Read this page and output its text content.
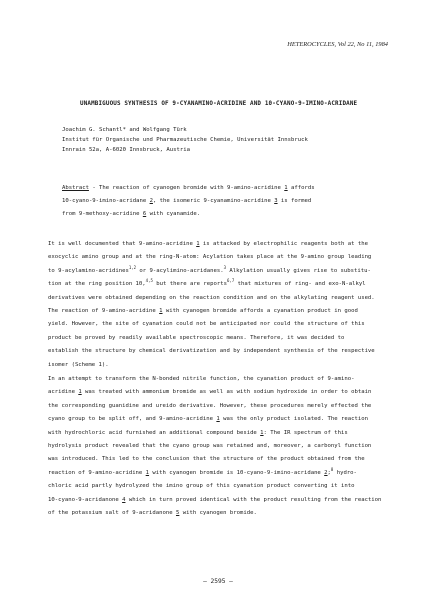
HETEROCYCLES, Vol 22, No 11, 1984
UNAMBIGUOUS SYNTHESIS OF 9-CYANAMINO-ACRIDINE AND 10-CYANO-9-IMINO-ACRIDANE
Joachim G. Schantl* and Wolfgang Türk
Institut für Organische und Pharmazeutische Chemie, Universität Innsbruck
Innrain 52a, A-6020 Innsbruck, Austria
Abstract - The reaction of cyanogen bromide with 9-amino-acridine 1 affords
10-cyano-9-imino-acridane 2, the isomeric 9-cyanamino-acridine 3 is formed
from 9-methoxy-acridine 6 with cyanamide.
It is well documented that 9-amino-acridine 1 is attacked by electrophilic reagents both at the
exocyclic amino group and at the ring-N-atom: Acylation takes place at the 9-amino group leading
to 9-acylamino-acridines$^{1,2}$ or 9-acylimino-acridanes.$^3$ Alkylation usually gives rise to substitu-
tion at the ring position 10,$^{4,5}$ but there are reports$^{6,7}$ that mixtures of ring- and exo-N-alkyl
derivatives were obtained depending on the reaction condition and on the alkylating reagent used.
The reaction of 9-amino-acridine 1 with cyanogen bromide affords a cyanation product in good
yield. However, the site of cyanation could not be anticipated nor could the structure of this
product be proved by readily available spectroscopic means. Therefore, it was decided to
establish the structure by chemical derivatization and by independent synthesis of the respective
isomer (Scheme 1).
In an attempt to transform the N-bonded nitrile function, the cyanation product of 9-amino-
acridine 1 was treated with ammonium bromide as well as with sodium hydroxide in order to obtain
the corresponding guanidine and ureido derivative. However, these procedures merely effected the
cyano group to be split off, and 9-amino-acridine 1 was the only product isolated. The reaction
with hydrochloric acid furnished an additional compound beside 1: The IR spectrum of this
hydrolysis product revealed that the cyano group was retained and, moreover, a carbonyl function
was introduced. This led to the conclusion that the structure of the product obtained from the
reaction of 9-amino-acridine 1 with cyanogen bromide is 10-cyano-9-imino-acridane 2;$^8$ hydro-
chloric acid partly hydrolyzed the imino group of this cyanation product converting it into
10-cyano-9-acridanone 4 which in turn proved identical with the product resulting from the reaction
of the potassium salt of 9-acridanone 5 with cyanogen bromide.
— 2595 —
